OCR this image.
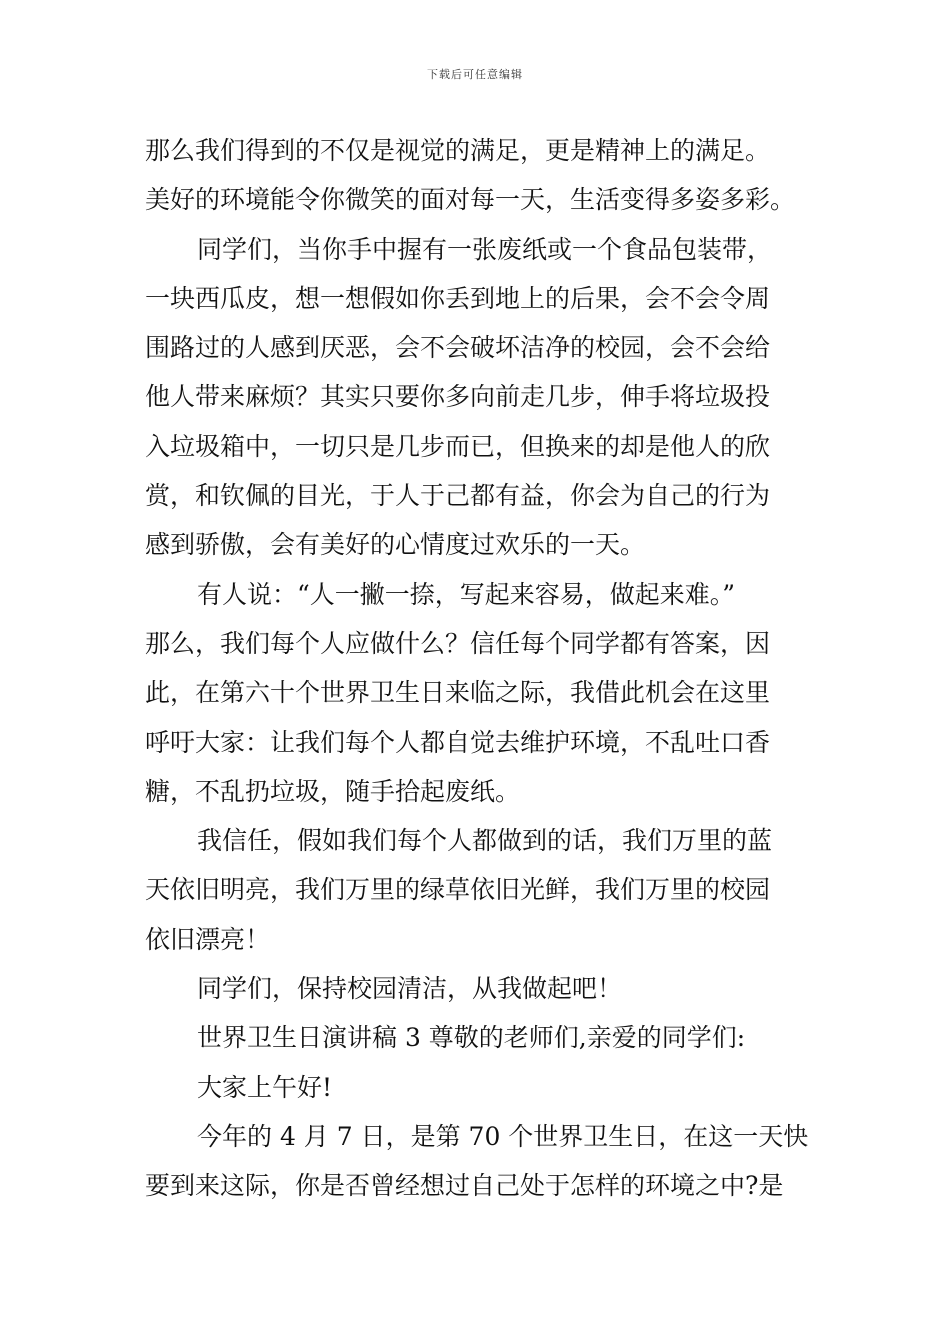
下载后可任意编辑
那么我们得到的不仅是视觉的满足，更是精神上的满足。
美好的环境能令你微笑的面对每一天，生活变得多姿多彩。
同学们，当你手中握有一张废纸或一个食品包装带，
一块西瓜皮，想一想假如你丢到地上的后果，会不会令周
围路过的人感到厌恶，会不会破坏洁净的校园，会不会给
他人带来麻烦？其实只要你多向前走几步，伸手将垃圾投
入垃圾箱中，一切只是几步而已，但换来的却是他人的欣
赏，和钦佩的目光，于人于己都有益，你会为自己的行为
感到骄傲，会有美好的心情度过欢乐的一天。
有人说：“人一撇一捺，写起来容易，做起来难。”
那么，我们每个人应做什么？信任每个同学都有答案，因
此，在第六十个世界卫生日来临之际，我借此机会在这里
呼吁大家：让我们每个人都自觉去维护环境，不乱吐口香
糖，不乱扔垃圾，随手拾起废纸。
我信任，假如我们每个人都做到的话，我们万里的蓝
天依旧明亮，我们万里的绿草依旧光鲜，我们万里的校园
依旧漂亮！
同学们，保持校园清洁，从我做起吧！
世界卫生日演讲稿 3 尊敬的老师们,亲爱的同学们:
大家上午好!
今年的 4 月 7 日，是第 70 个世界卫生日，在这一天快
要到来这际，你是否曾经想过自己处于怎样的环境之中?是
